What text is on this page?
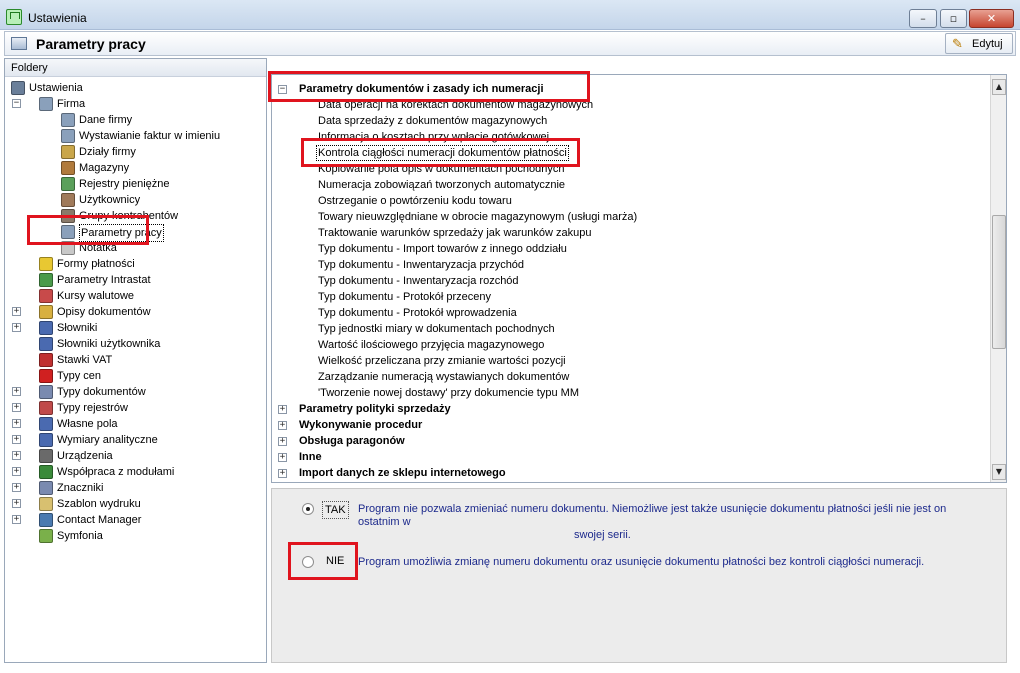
Ustawienia	–	▫	✕
Parametry pracy	✎ Edytuj
Foldery
Ustawienia
−	Firma
Dane firmy
Wystawianie faktur w imieniu
Działy firmy
Magazyny
Rejestry pieniężne
Użytkownicy
Grupy kontrahentów
Parametry pracy
Notatka
Formy płatności
Parametry Intrastat
Kursy walutowe
+	Opisy dokumentów
+	Słowniki
Słowniki użytkownika
Stawki VAT
Typy cen
+	Typy dokumentów
+	Typy rejestrów
+	Własne pola
+	Wymiary analityczne
+	Urządzenia
+	Współpraca z modułami
+	Znaczniki
+	Szablon wydruku
+	Contact Manager
Symfonia
− Parametry dokumentów i zasady ich numeracji
Data operacji na korektach dokumentów magazynowych
Data sprzedaży z dokumentów magazynowych
Informacja o kosztach przy wpłacie gotówkowej
Kontrola ciągłości numeracji dokumentów płatności
Kopiowanie pola opis w dokumentach pochodnych
Numeracja zobowiązań tworzonych automatycznie
Ostrzeganie o powtórzeniu kodu towaru
Towary nieuwzględniane w obrocie magazynowym (usługi marża)
Traktowanie warunków sprzedaży jak warunków zakupu
Typ dokumentu - Import towarów z innego oddziału
Typ dokumentu - Inwentaryzacja przychód
Typ dokumentu - Inwentaryzacja rozchód
Typ dokumentu - Protokół przeceny
Typ dokumentu - Protokół wprowadzenia
Typ jednostki miary w dokumentach pochodnych
Wartość ilościowego przyjęcia magazynowego
Wielkość przeliczana przy zmianie wartości pozycji
Zarządzanie numeracją wystawianych dokumentów
'Tworzenie nowej dostawy' przy dokumencie typu MM
+ Parametry polityki sprzedaży
+ Wykonywanie procedur
+ Obsługa paragonów
+ Inne
+ Import danych ze sklepu internetowego
▲
▼
TAK Program nie pozwala zmieniać numeru dokumentu. Niemożliwe jest także usunięcie dokumentu płatności jeśli nie jest on ostatnim w
swojej serii.
NIE Program umożliwia zmianę numeru dokumentu oraz usunięcie dokumentu płatności bez kontroli ciągłości numeracji.
